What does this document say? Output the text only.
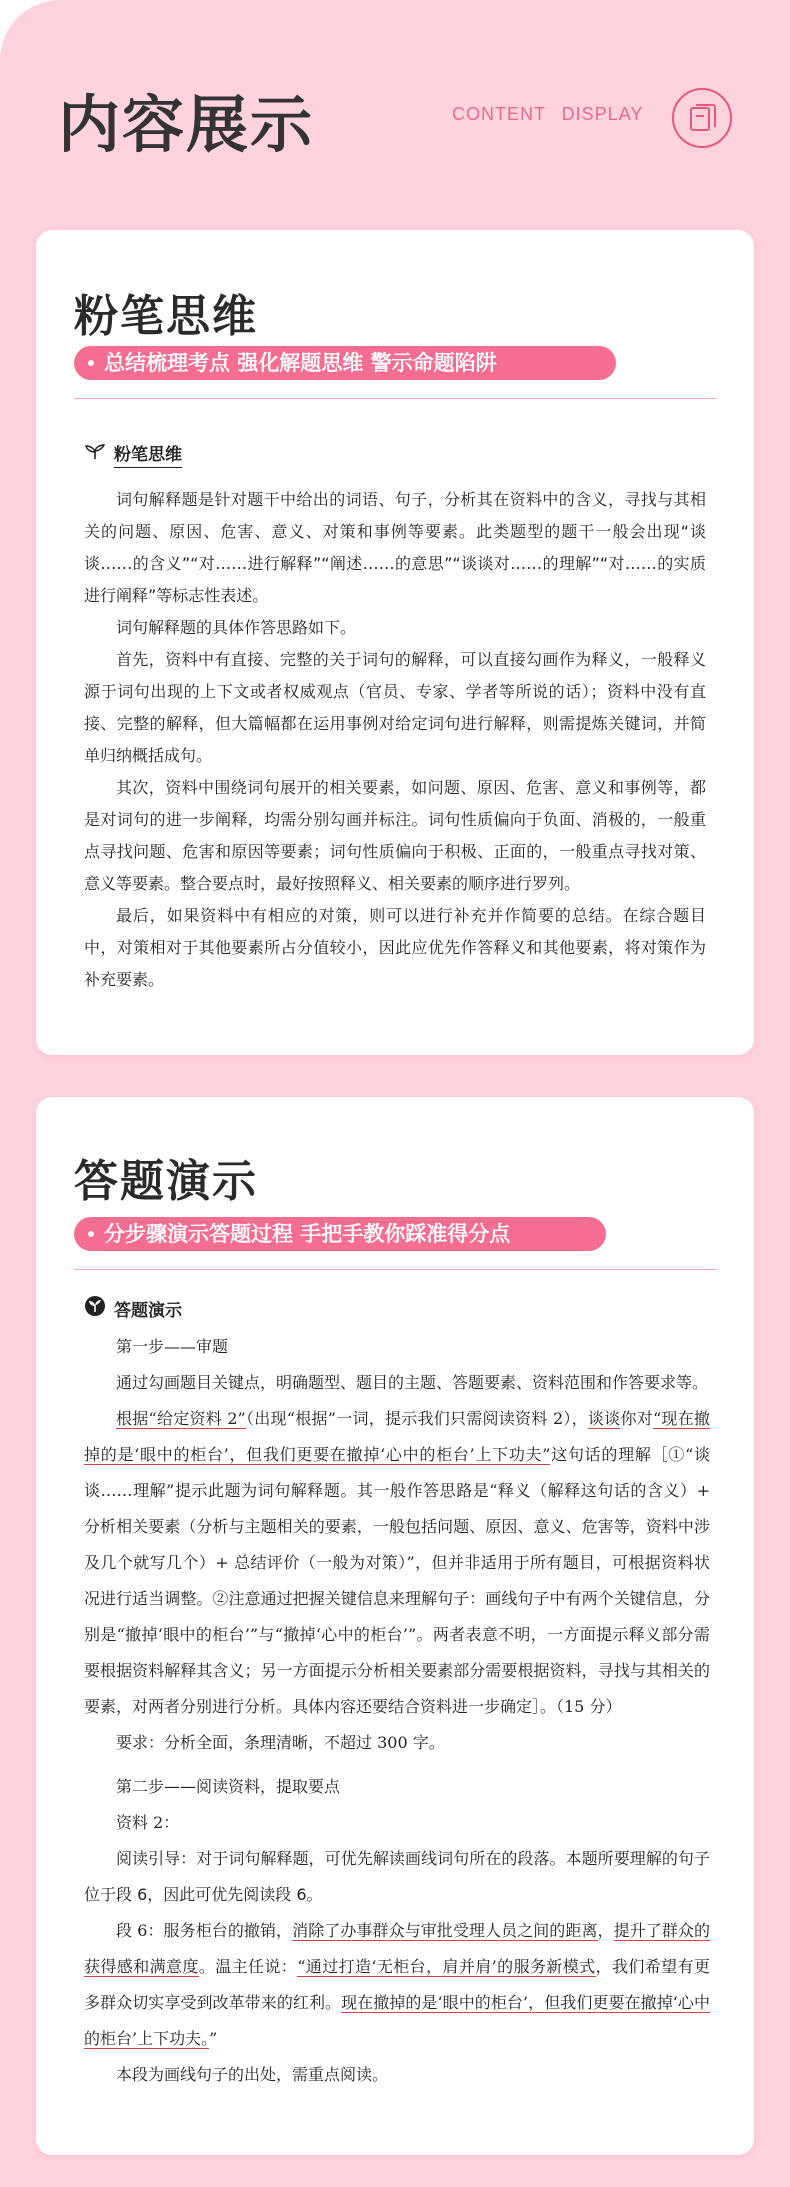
内容展示	CONTENT DISPLAY
粉笔思维
总结梳理考点 强化解题思维 警示命题陷阱
粉笔思维

词句解释题是针对题干中给出的词语、句子，分析其在资料中的含义，寻找与其相关的问题、原因、危害、意义、对策和事例等要素。此类题型的题干一般会出现“谈谈……的含义”“对……进行解释”“阐述……的意思”“谈谈对……的理解”“对……的实质进行阐释”等标志性表述。

词句解释题的具体作答思路如下。

首先，资料中有直接、完整的关于词句的解释，可以直接勾画作为释义，一般释义源于词句出现的上下文或者权威观点（官员、专家、学者等所说的话）；资料中没有直接、完整的解释，但大篇幅都在运用事例对给定词句进行解释，则需提炼关键词，并简单归纳概括成句。

其次，资料中围绕词句展开的相关要素，如问题、原因、危害、意义和事例等，都是对词句的进一步阐释，均需分别勾画并标注。词句性质偏向于负面、消极的，一般重点寻找问题、危害和原因等要素；词句性质偏向于积极、正面的，一般重点寻找对策、意义等要素。整合要点时，最好按照释义、相关要素的顺序进行罗列。

最后，如果资料中有相应的对策，则可以进行补充并作简要的总结。在综合题目中，对策相对于其他要素所占分值较小，因此应优先作答释义和其他要素，将对策作为补充要素。

答题演示
分步骤演示答题过程 手把手教你踩准得分点
答题演示

第一步——审题

通过勾画题目关键点，明确题型、题目的主题、答题要素、资料范围和作答要求等。

根据“给定资料 2”（出现“根据”一词，提示我们只需阅读资料 2），谈谈你对“现在撤掉的是‘眼中的柜台’，但我们更要在撤掉‘心中的柜台’上下功夫”这句话的理解［①“谈谈……理解”提示此题为词句解释题。其一般作答思路是“释义（解释这句话的含义）+ 分析相关要素（分析与主题相关的要素，一般包括问题、原因、意义、危害等，资料中涉及几个就写几个）+ 总结评价（一般为对策）”，但并非适用于所有题目，可根据资料状况进行适当调整。②注意通过把握关键信息来理解句子：画线句子中有两个关键信息，分别是“撤掉‘眼中的柜台’”与“撤掉‘心中的柜台’”。两者表意不明，一方面提示释义部分需要根据资料解释其含义；另一方面提示分析相关要素部分需要根据资料，寻找与其相关的要素，对两者分别进行分析。具体内容还要结合资料进一步确定］。（15 分）

要求：分析全面，条理清晰，不超过 300 字。

第二步——阅读资料，提取要点

资料 2：

阅读引导：对于词句解释题，可优先解读画线词句所在的段落。本题所要理解的句子位于段 6，因此可优先阅读段 6。

段 6：服务柜台的撤销，消除了办事群众与审批受理人员之间的距离，提升了群众的获得感和满意度。温主任说：“通过打造‘无柜台，肩并肩’的服务新模式，我们希望有更多群众切实享受到改革带来的红利。现在撤掉的是‘眼中的柜台’，但我们更要在撤掉‘心中的柜台’上下功夫。”

本段为画线句子的出处，需重点阅读。
